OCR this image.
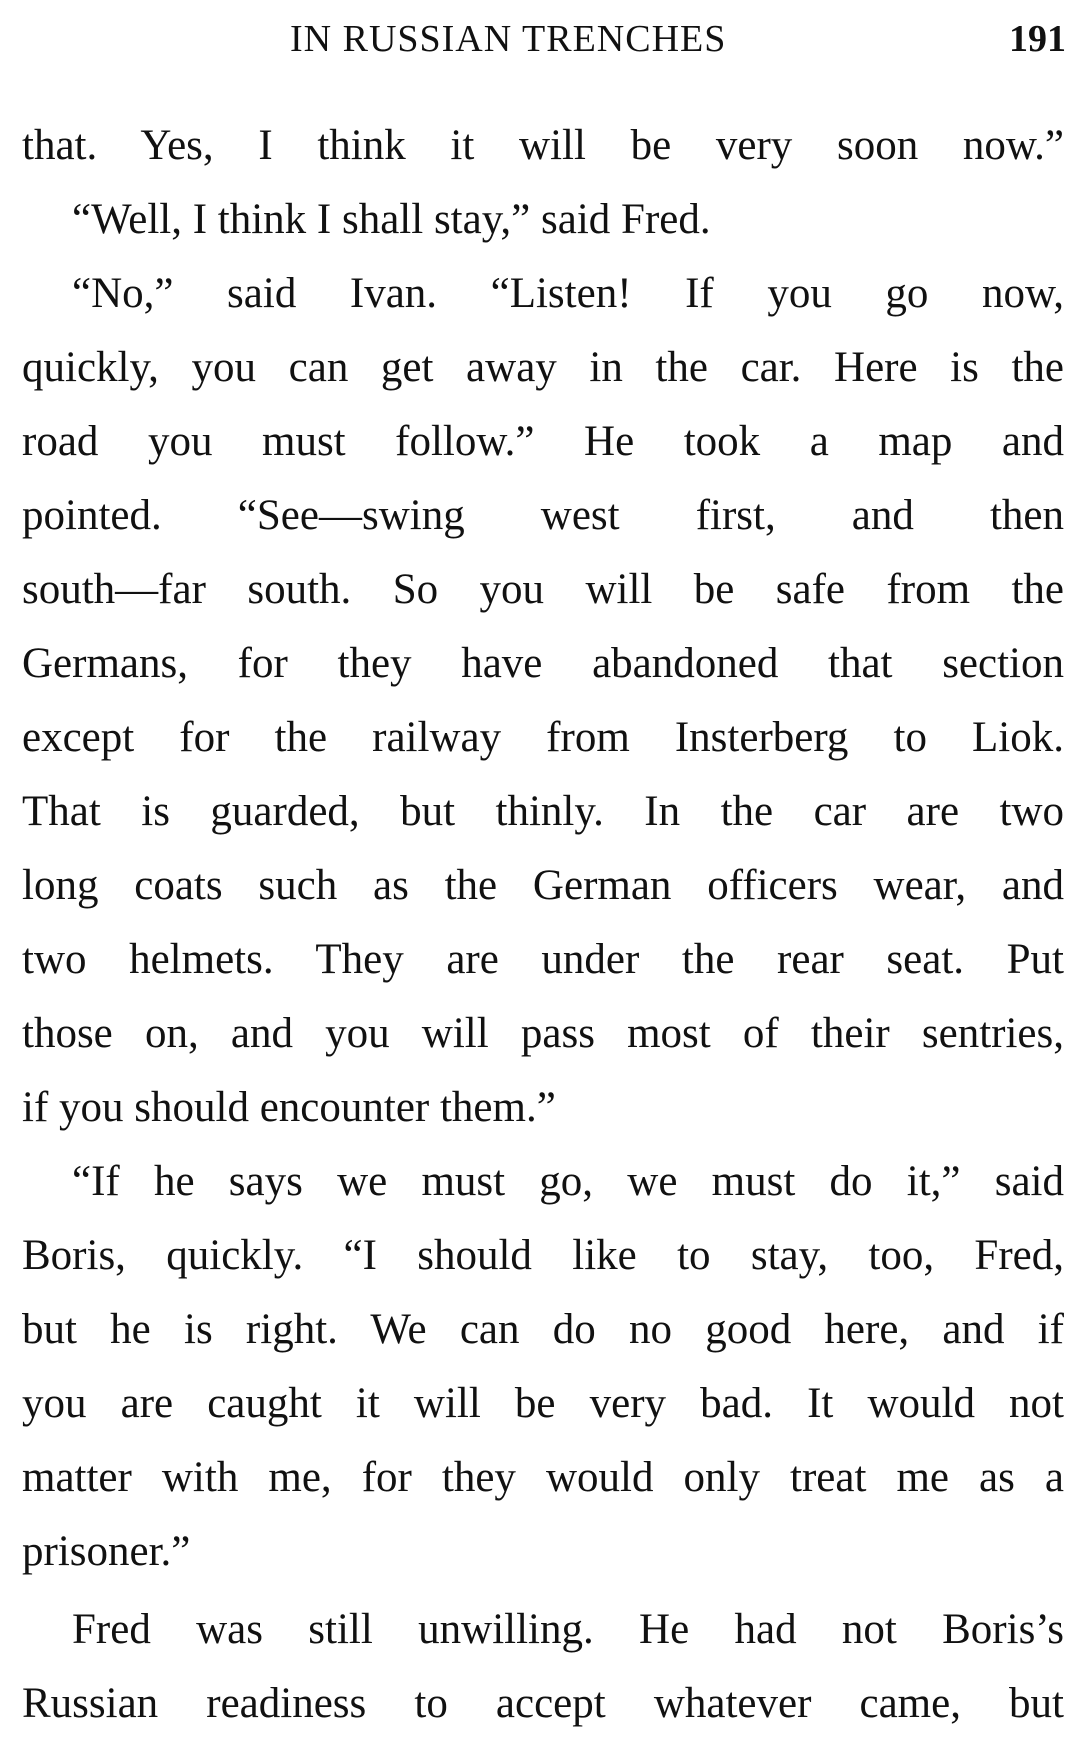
IN RUSSIAN TRENCHES	191
that. Yes, I think it will be very soon now.”
“Well, I think I shall stay,” said Fred.
“No,” said Ivan. “Listen! If you go now,
quickly, you can get away in the car. Here is the
road you must follow.” He took a map and
pointed. “See—swing west first, and then
south—far south. So you will be safe from the
Germans, for they have abandoned that section
except for the railway from Insterberg to Liok.
That is guarded, but thinly. In the car are two
long coats such as the German officers wear, and
two helmets. They are under the rear seat. Put
those on, and you will pass most of their sentries,
if you should encounter them.”
“If he says we must go, we must do it,” said
Boris, quickly. “I should like to stay, too, Fred,
but he is right. We can do no good here, and if
you are caught it will be very bad. It would not
matter with me, for they would only treat me as a
prisoner.”
Fred was still unwilling. He had not Boris’s
Russian readiness to accept whatever came, but
